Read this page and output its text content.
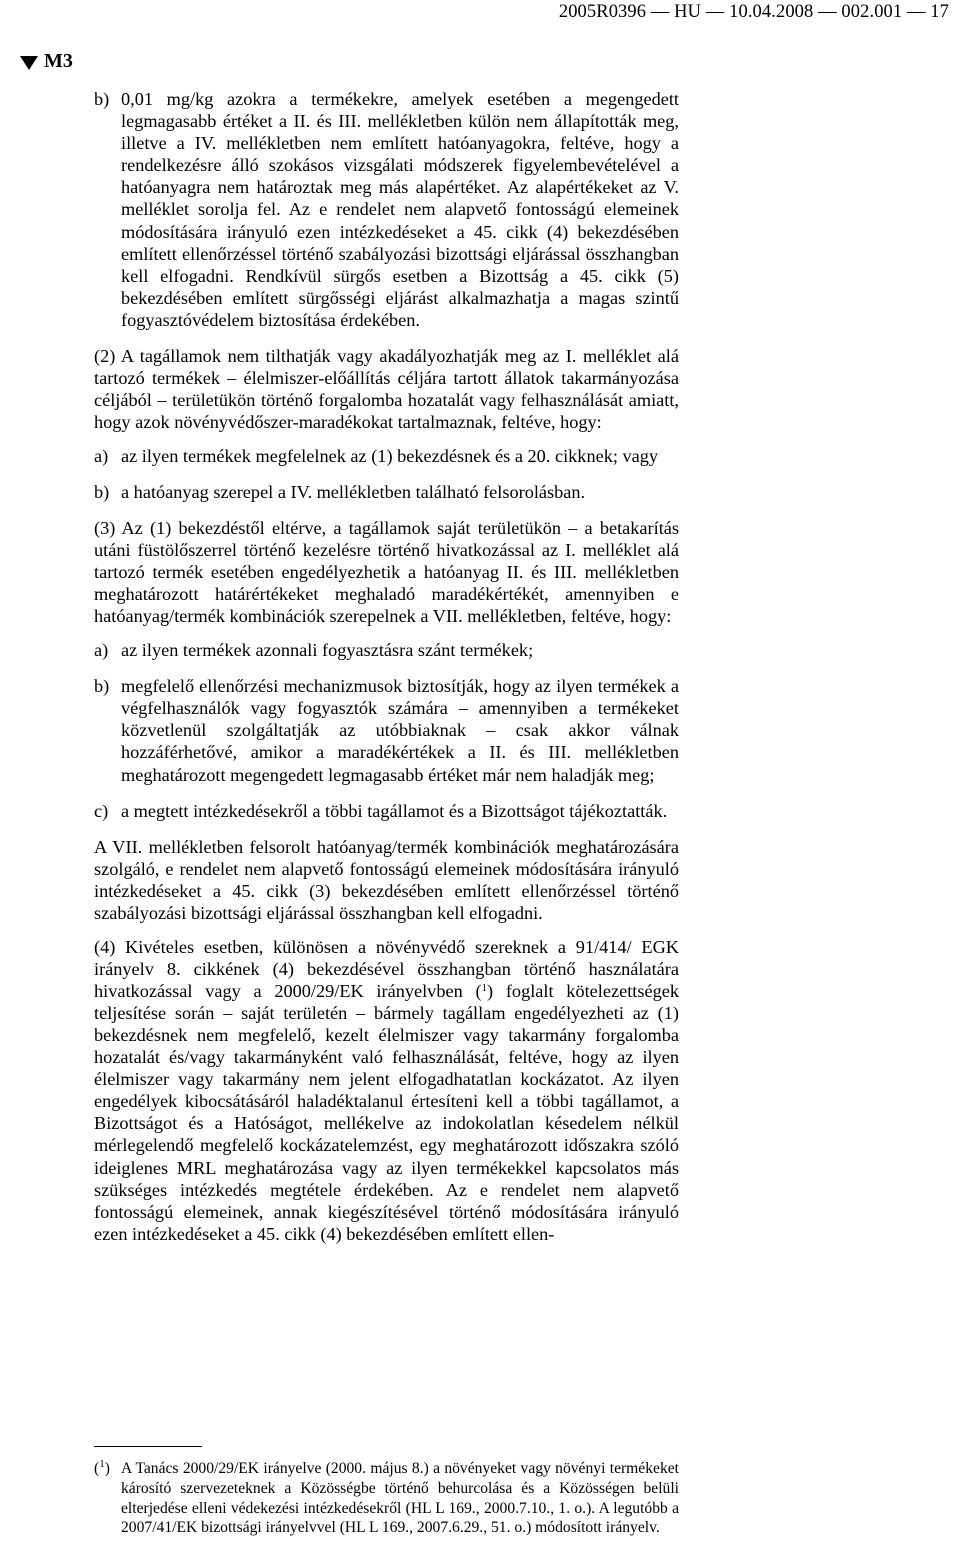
2005R0396 — HU — 10.04.2008 — 002.001 — 17
M3
b) 0,01 mg/kg azokra a termékekre, amelyek esetében a megengedett legmagasabb értéket a II. és III. mellékletben külön nem állapították meg, illetve a IV. mellékletben nem említett hatóanyagokra, feltéve, hogy a rendelkezésre álló szokásos vizsgálati módszerek figyelembevételével a hatóanyagra nem határoztak meg más alapértéket. Az alapértékeket az V. melléklet sorolja fel. Az e rendelet nem alapvető fontosságú elemeinek módosítására irányuló ezen intézkedéseket a 45. cikk (4) bekezdésében említett ellenőrzéssel történő szabályozási bizottsági eljárással összhangban kell elfogadni. Rendkívül sürgős esetben a Bizottság a 45. cikk (5) bekezdésében említett sürgősségi eljárást alkalmazhatja a magas szintű fogyasztóvédelem biztosítása érdekében.

(2) A tagállamok nem tilthatják vagy akadályozhatják meg az I. melléklet alá tartozó termékek – élelmiszer-előállítás céljára tartott állatok takarmányozása céljából – területükön történő forgalomba hozatalát vagy felhasználását amiatt, hogy azok növényvédőszer-maradékokat tartalmaznak, feltéve, hogy:

a) az ilyen termékek megfelelnek az (1) bekezdésnek és a 20. cikknek; vagy
b) a hatóanyag szerepel a IV. mellékletben található felsorolásban.

(3) Az (1) bekezdéstől eltérve, a tagállamok saját területükön – a betakarítás utáni füstölőszerrel történő kezelésre történő hivatkozással az I. melléklet alá tartozó termék esetében engedélyezhetik a hatóanyag II. és III. mellékletben meghatározott határértékeket meghaladó maradékértékét, amennyiben e hatóanyag/termék kombinációk szerepelnek a VII. mellékletben, feltéve, hogy:

a) az ilyen termékek azonnali fogyasztásra szánt termékek;
b) megfelelő ellenőrzési mechanizmusok biztosítják, hogy az ilyen termékek a végfelhasználók vagy fogyasztók számára – amennyiben a termékeket közvetlenül szolgáltatják az utóbbiaknak – csak akkor válnak hozzáférhetővé, amikor a maradékértékek a II. és III. mellékletben meghatározott megengedett legmagasabb értéket már nem haladják meg;
c) a megtett intézkedésekről a többi tagállamot és a Bizottságot tájékoztatták.

A VII. mellékletben felsorolt hatóanyag/termék kombinációk meghatározására szolgáló, e rendelet nem alapvető fontosságú elemeinek módosítására irányuló intézkedéseket a 45. cikk (3) bekezdésében említett ellenőrzéssel történő szabályozási bizottsági eljárással összhangban kell elfogadni.

(4) Kivételes esetben, különösen a növényvédő szereknek a 91/414/ EGK irányelv 8. cikkének (4) bekezdésével összhangban történő használatára hivatkozással vagy a 2000/29/EK irányelvben ($^1$) foglalt kötelezettségek teljesítése során – saját területén – bármely tagállam engedélyezheti az (1) bekezdésnek nem megfelelő, kezelt élelmiszer vagy takarmány forgalomba hozatalát és/vagy takarmányként való felhasználását, feltéve, hogy az ilyen élelmiszer vagy takarmány nem jelent elfogadhatatlan kockázatot. Az ilyen engedélyek kibocsátásáról haladéktalanul értesíteni kell a többi tagállamot, a Bizottságot és a Hatóságot, mellékelve az indokolatlan késedelem nélkül mérlegelendő megfelelő kockázatelemzést, egy meghatározott időszakra szóló ideiglenes MRL meghatározása vagy az ilyen termékekkel kapcsolatos más szükséges intézkedés megtétele érdekében. Az e rendelet nem alapvető fontosságú elemeinek, annak kiegészítésével történő módosítására irányuló ezen intézkedéseket a 45. cikk (4) bekezdésében említett ellen-

($^1$) A Tanács 2000/29/EK irányelve (2000. május 8.) a növényeket vagy növényi termékeket károsító szervezeteknek a Közösségbe történő behurcolása és a Közösségen belüli elterjedése elleni védekezési intézkedésekről (HL L 169., 2000.7.10., 1. o.). A legutóbb a 2007/41/EK bizottsági irányelvvel (HL L 169., 2007.6.29., 51. o.) módosított irányelv.
